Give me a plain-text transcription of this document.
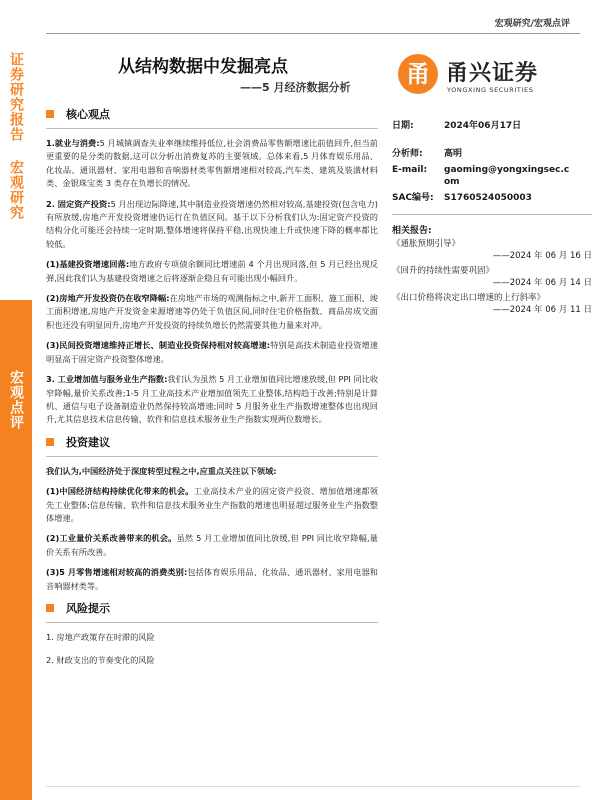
证券研究报告
宏观研究
宏观点评
宏观研究/宏观点评
从结构数据中发掘亮点
——5 月经济数据分析	甬 甬兴证券
YONGXING SECURITIES
核心观点

1.就业与消费:5 月城镇调查失业率继续维持低位,社会消费品零售额增速比前值回升,但当前更重要的是分类的数据,这可以分析出消费复苏的主要领域。总体来看,5 月体育娱乐用品、化妆品、通讯器材、家用电器和音响器材类零售额增速相对较高,汽车类、建筑及装潢材料类、金银珠宝类 3 类存在负增长的情况。

2. 固定资产投资:5 月出现边际降速,其中制造业投资增速仍然相对较高,基建投资(包含电力)有所放缓,房地产开发投资增速仍运行在负值区间。基于以下分析我们认为:固定资产投资的结构分化可能还会持续一定时期,整体增速将保持平稳,出现快速上升或快速下降的概率都比较低。

(1)基建投资增速回落:地方政府专项债余额同比增速前 4 个月出现回落,但 5 月已经出现反弹,因此我们认为基建投资增速之后将逐渐企稳且有可能出现小幅回升。

(2)房地产开发投资仍在收窄降幅:在房地产市场的观测指标之中,新开工面积、施工面积、竣工面积增速,房地产开发资金来源增速等仍处于负值区间,同时住宅价格指数、商品房成交面积也还没有明显回升,房地产开发投资的持续负增长仍然需要其他力量来对冲。

(3)民间投资增速维持正增长、制造业投资保持相对较高增速:特别是高技术制造业投资增速明显高于固定资产投资整体增速。

3. 工业增加值与服务业生产指数:我们认为虽然 5 月工业增加值同比增速放缓,但 PPI 同比收窄降幅,量价关系改善;1-5 月工业高技术产业增加值领先工业整体,结构趋于改善;特别是计算机、通信与电子设备制造业仍然保持较高增速;同时 5 月服务业生产指数增速整体也出现回升,尤其信息技术信息传输、软件和信息技术服务业生产指数实现两位数增长。

投资建议

我们认为,中国经济处于深度转型过程之中,应重点关注以下领域:

(1)中国经济结构持续优化带来的机会。工业高技术产业的固定资产投资、增加值增速都领先工业整体;信息传输、软件和信息技术服务业生产指数的增速也明显超过服务业生产指数整体增速。

(2)工业量价关系改善带来的机会。虽然 5 月工业增加值同比放缓,但 PPI 同比收窄降幅,量价关系有所改善。

(3)5 月零售增速相对较高的消费类别:包括体育娱乐用品、化妆品、通讯器材、家用电器和音响器材类等。

风险提示
1. 房地产政策存在时滞的风险
2. 财政支出的节奏变化的风险
日期:	2024年06月17日
分析师:	高明
E-mail:	gaoming@yongxingsec.com
SAC编号:	S1760524050003
相关报告:
《通胀预期引导》
——2024 年 06 月 16 日
《回升的持续性需要巩固》
——2024 年 06 月 14 日
《出口价格将决定出口增速的上行斜率》
——2024 年 06 月 11 日
